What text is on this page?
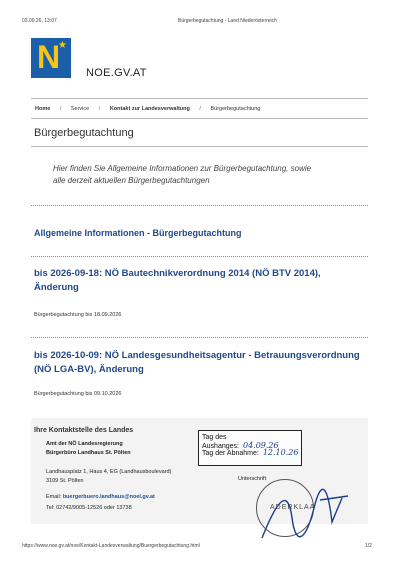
03.09.26, 13:07	Bürgerbegutachtung - Land Niederösterreich
N
★
NOE.GV.AT
Home / Service / Kontakt zur Landesverwaltung / Bürgerbegutachtung
Bürgerbegutachtung
Hier finden Sie Allgemeine Informationen zur Bürgerbegutachtung, sowie
alle derzeit aktuellen Bürgerbegutachtungen
Allgemeine Informationen - Bürgerbegutachtung
bis 2026-09-18: NÖ Bautechnikverordnung 2014 (NÖ BTV 2014),
Änderung
Bürgerbegutachtung bis 18.09.2026
bis 2026-10-09: NÖ Landesgesundheitsagentur - Betrauungsverordnung
(NÖ LGA-BV), Änderung
Bürgerbegutachtung bis 09.10.2026
Ihre Kontaktstelle des Landes
Amt der NÖ Landesregierung
Bürgerbüro Landhaus St. Pölten
Landhausplatz 1, Haus 4, EG (Landhausboulevard)
3109 St. Pölten
Email: buergerbuero.landhaus@noel.gv.at
Tel: 02742/9005-12526 oder 13738
Tag des Aushanges: 04.09.26
Tag der Abnahme: 12.10.26
Unterschrift
ADERKLAA
https://www.noe.gv.at/noe/Kontakt-Landesverwaltung/Buergerbegutachtung.html	1/2
